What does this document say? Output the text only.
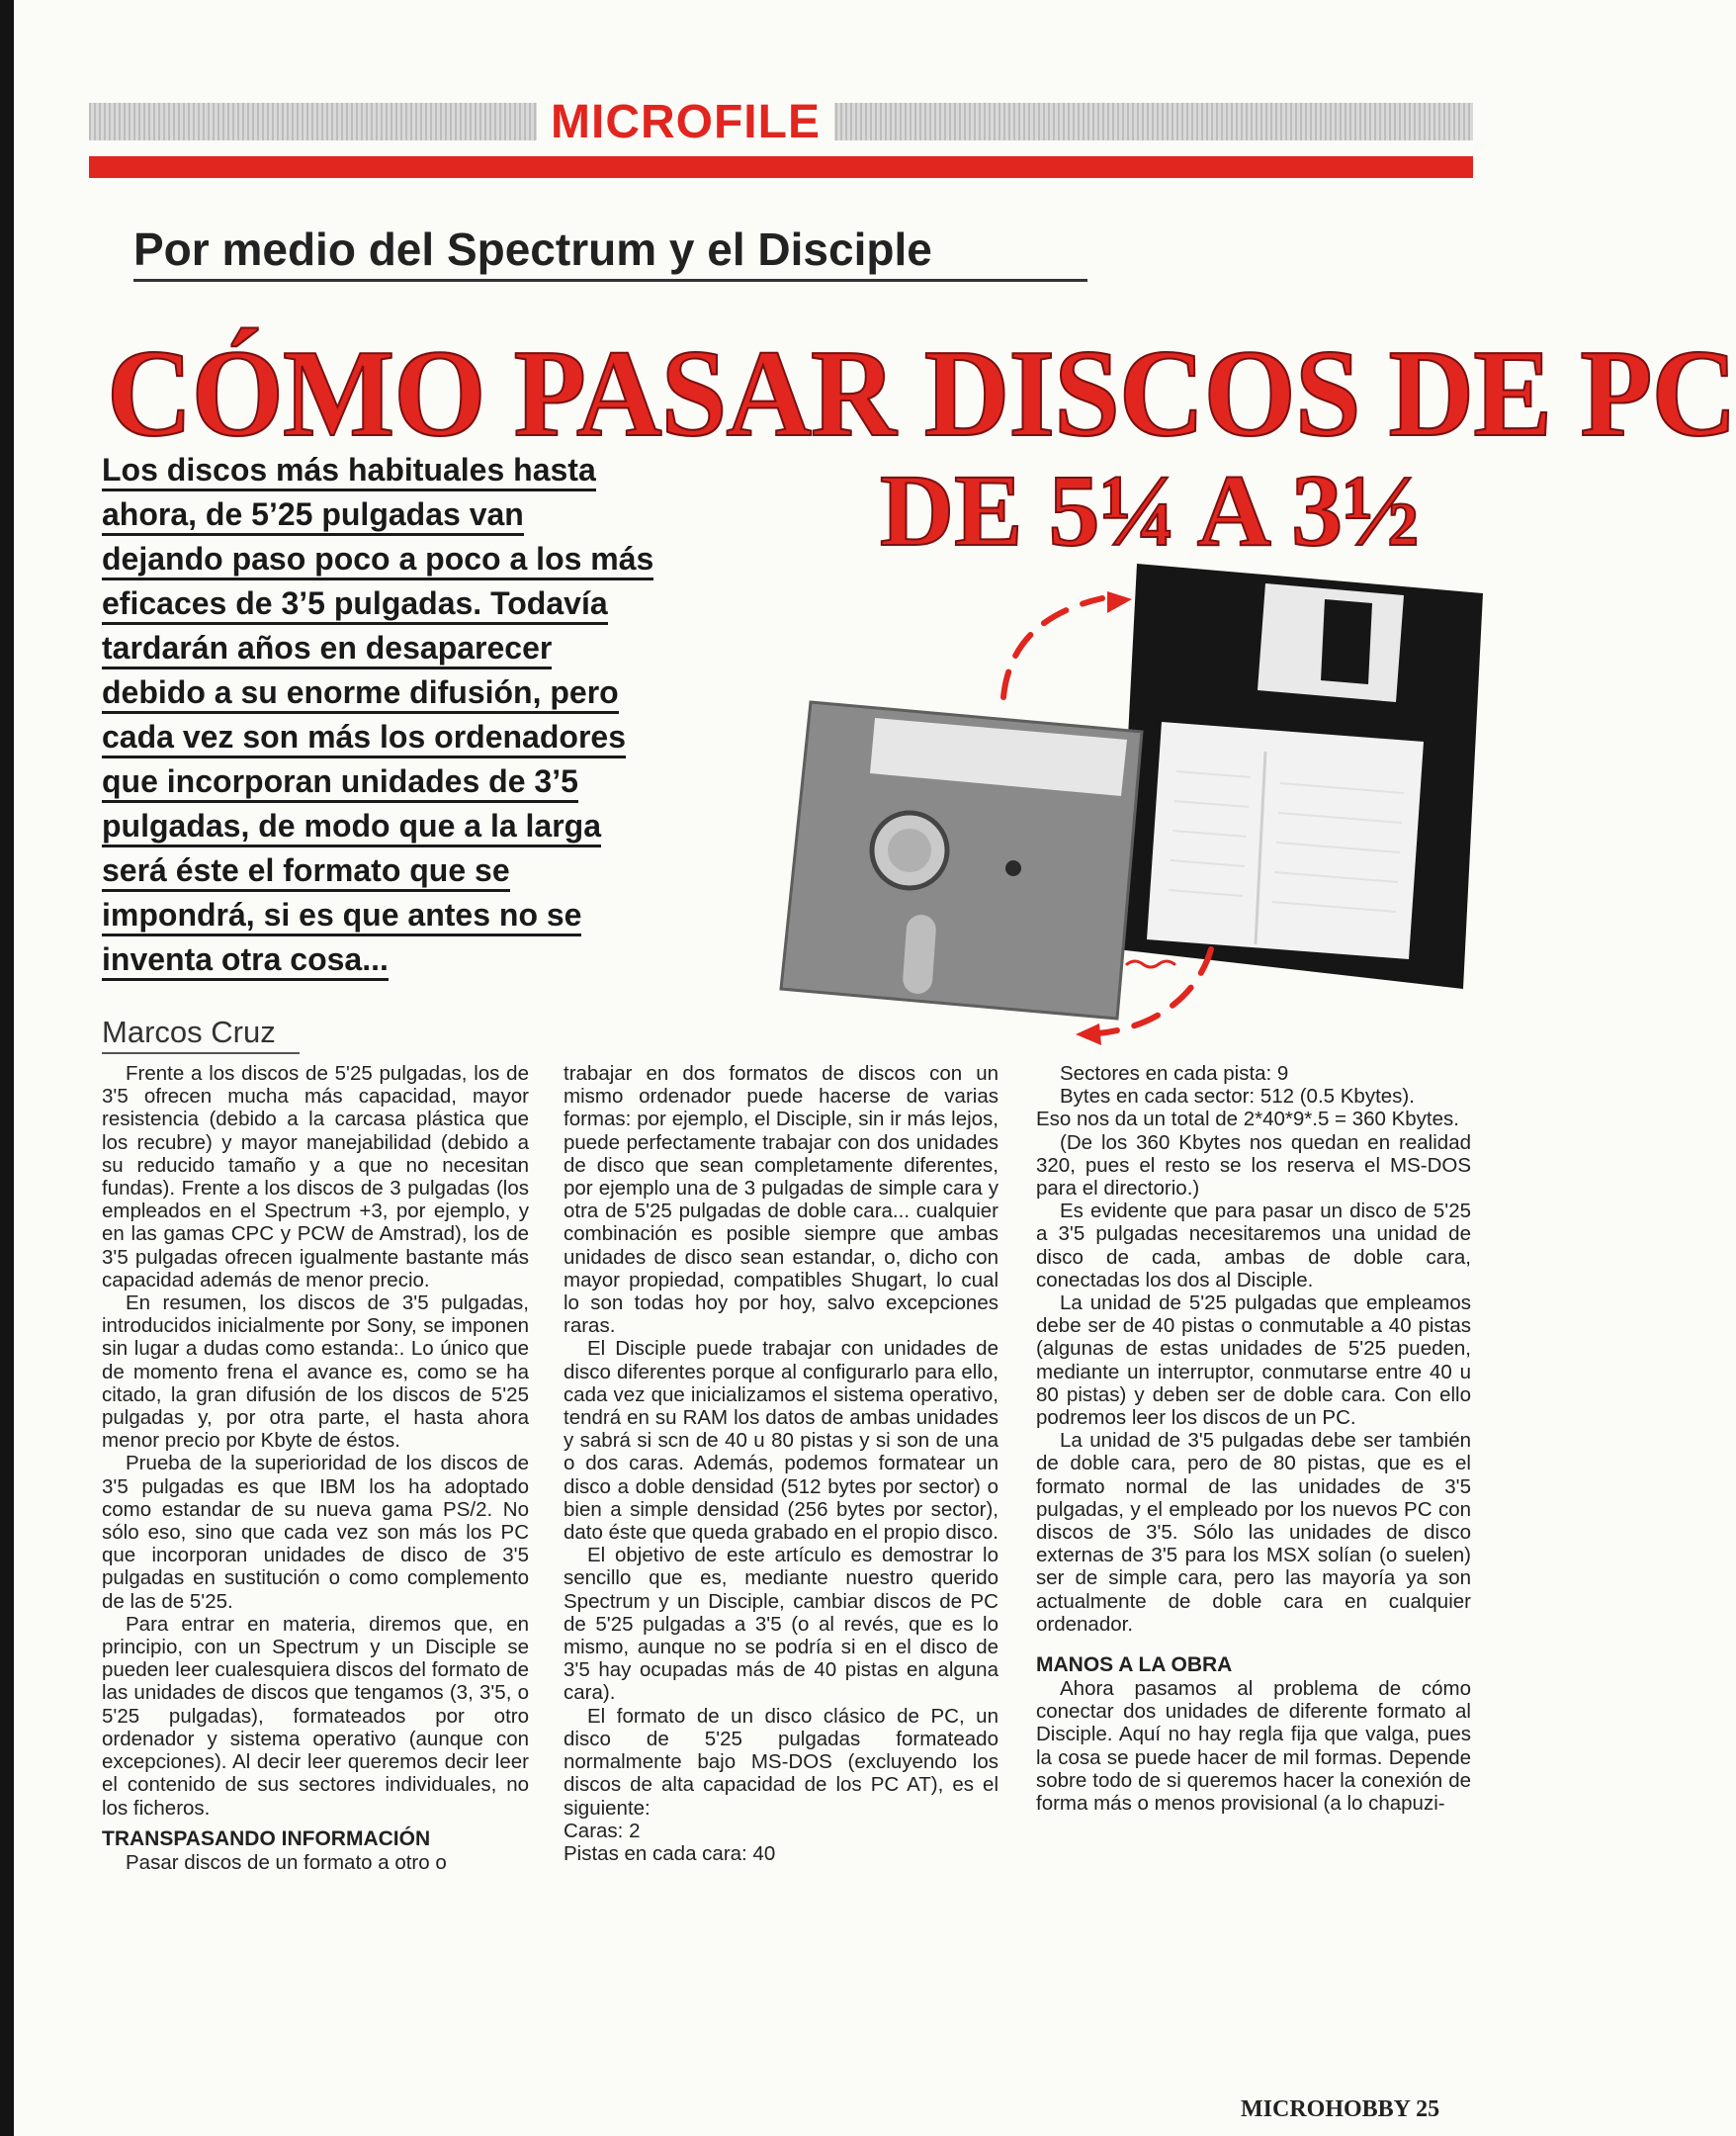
MICROFILE
Por medio del Spectrum y el Disciple
CÓMO PASAR DISCOS DE PC
DE 5¼ A 3½
Los discos más habituales hasta
ahora, de 5’25 pulgadas van
dejando paso poco a poco a los más
eficaces de 3’5 pulgadas. Todavía
tardarán años en desaparecer
debido a su enorme difusión, pero
cada vez son más los ordenadores
que incorporan unidades de 3’5
pulgadas, de modo que a la larga
será éste el formato que se
impondrá, si es que antes no se
inventa otra cosa...
Marcos Cruz

Frente a los discos de 5'25 pulgadas, los de 3'5 ofrecen mucha más capacidad, mayor resistencia (debido a la carcasa plástica que los recubre) y mayor manejabilidad (debido a su reducido tamaño y a que no necesitan fundas). Frente a los discos de 3 pulgadas (los empleados en el Spectrum +3, por ejemplo, y en las gamas CPC y PCW de Amstrad), los de 3'5 pulgadas ofrecen igualmente bastante más capacidad además de menor precio.

En resumen, los discos de 3'5 pulgadas, introducidos inicialmente por Sony, se imponen sin lugar a dudas como estanda:. Lo único que de momento frena el avance es, como se ha citado, la gran difusión de los discos de 5'25 pulgadas y, por otra parte, el hasta ahora menor precio por Kbyte de éstos.

Prueba de la superioridad de los discos de 3'5 pulgadas es que IBM los ha adoptado como estandar de su nueva gama PS/2. No sólo eso, sino que cada vez son más los PC que incorporan unidades de disco de 3'5 pulgadas en sustitución o como complemento de las de 5'25.

Para entrar en materia, diremos que, en principio, con un Spectrum y un Disciple se pueden leer cualesquiera discos del formato de las unidades de discos que tengamos (3, 3'5, o 5'25 pulgadas), formateados por otro ordenador y sistema operativo (aunque con excepciones). Al decir leer queremos decir leer el contenido de sus sectores individuales, no los ficheros.

TRANSPASANDO INFORMACIÓN

Pasar discos de un formato a otro o

trabajar en dos formatos de discos con un mismo ordenador puede hacerse de varias formas: por ejemplo, el Disciple, sin ir más lejos, puede perfectamente trabajar con dos unidades de disco que sean completamente diferentes, por ejemplo una de 3 pulgadas de simple cara y otra de 5'25 pulgadas de doble cara... cualquier combinación es posible siempre que ambas unidades de disco sean estandar, o, dicho con mayor propiedad, compatibles Shugart, lo cual lo son todas hoy por hoy, salvo excepciones raras.

El Disciple puede trabajar con unidades de disco diferentes porque al configurarlo para ello, cada vez que inicializamos el sistema operativo, tendrá en su RAM los datos de ambas unidades y sabrá si scn de 40 u 80 pistas y si son de una o dos caras. Además, podemos formatear un disco a doble densidad (512 bytes por sector) o bien a simple densidad (256 bytes por sector), dato éste que queda grabado en el propio disco.

El objetivo de este artículo es demostrar lo sencillo que es, mediante nuestro querido Spectrum y un Disciple, cambiar discos de PC de 5'25 pulgadas a 3'5 (o al revés, que es lo mismo, aunque no se podría si en el disco de 3'5 hay ocupadas más de 40 pistas en alguna cara).

El formato de un disco clásico de PC, un disco de 5'25 pulgadas formateado normalmente bajo MS-DOS (excluyendo los discos de alta capacidad de los PC AT), es el siguiente:

Caras: 2

Pistas en cada cara: 40

Sectores en cada pista: 9

Bytes en cada sector: 512 (0.5 Kbytes).

Eso nos da un total de 2*40*9*.5 = 360 Kbytes.

(De los 360 Kbytes nos quedan en realidad 320, pues el resto se los reserva el MS-DOS para el directorio.)

Es evidente que para pasar un disco de 5'25 a 3'5 pulgadas necesitaremos una unidad de disco de cada, ambas de doble cara, conectadas los dos al Disciple.

La unidad de 5'25 pulgadas que empleamos debe ser de 40 pistas o conmutable a 40 pistas (algunas de estas unidades de 5'25 pueden, mediante un interruptor, conmutarse entre 40 u 80 pistas) y deben ser de doble cara. Con ello podremos leer los discos de un PC.

La unidad de 3'5 pulgadas debe ser también de doble cara, pero de 80 pistas, que es el formato normal de las unidades de 3'5 pulgadas, y el empleado por los nuevos PC con discos de 3'5. Sólo las unidades de disco externas de 3'5 para los MSX solían (o suelen) ser de simple cara, pero las mayoría ya son actualmente de doble cara en cualquier ordenador.

MANOS A LA OBRA

Ahora pasamos al problema de cómo conectar dos unidades de diferente formato al Disciple. Aquí no hay regla fija que valga, pues la cosa se puede hacer de mil formas. Depende sobre todo de si queremos hacer la conexión de forma más o menos provisional (a lo chapuzi-

MICROHOBBY 25
